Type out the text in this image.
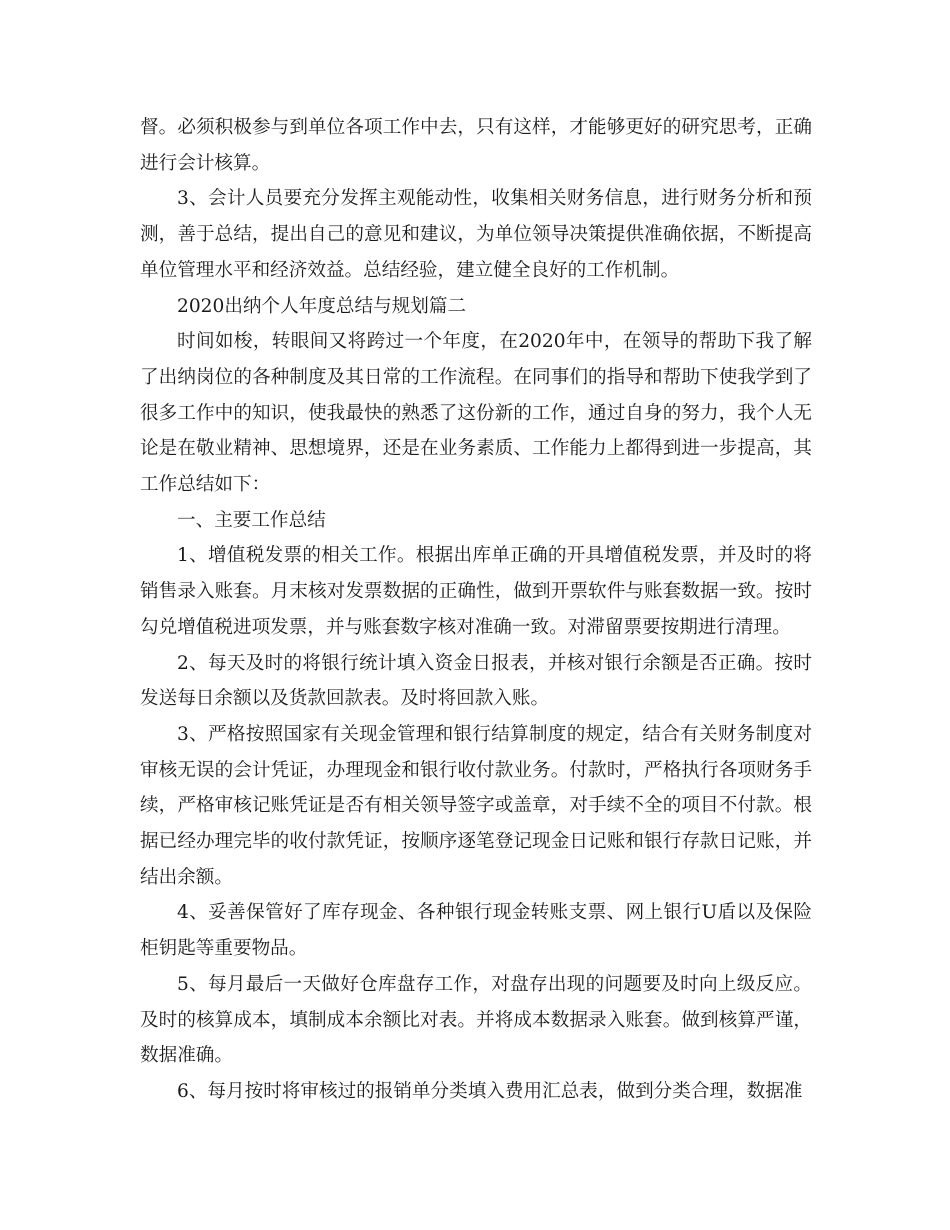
督。必须积极参与到单位各项工作中去，只有这样，才能够更好的研究思考，正确进行会计核算。

3、会计人员要充分发挥主观能动性，收集相关财务信息，进行财务分析和预测，善于总结，提出自己的意见和建议，为单位领导决策提供准确依据，不断提高单位管理水平和经济效益。总结经验，建立健全良好的工作机制。

2020出纳个人年度总结与规划篇二

时间如梭，转眼间又将跨过一个年度，在2020年中，在领导的帮助下我了解了出纳岗位的各种制度及其日常的工作流程。在同事们的指导和帮助下使我学到了很多工作中的知识，使我最快的熟悉了这份新的工作，通过自身的努力，我个人无论是在敬业精神、思想境界，还是在业务素质、工作能力上都得到进一步提高，其工作总结如下：

一、主要工作总结

1、增值税发票的相关工作。根据出库单正确的开具增值税发票，并及时的将销售录入账套。月末核对发票数据的正确性，做到开票软件与账套数据一致。按时勾兑增值税进项发票，并与账套数字核对准确一致。对滞留票要按期进行清理。

2、每天及时的将银行统计填入资金日报表，并核对银行余额是否正确。按时发送每日余额以及货款回款表。及时将回款入账。

3、严格按照国家有关现金管理和银行结算制度的规定，结合有关财务制度对审核无误的会计凭证，办理现金和银行收付款业务。付款时，严格执行各项财务手续，严格审核记账凭证是否有相关领导签字或盖章，对手续不全的项目不付款。根据已经办理完毕的收付款凭证，按顺序逐笔登记现金日记账和银行存款日记账，并结出余额。

4、妥善保管好了库存现金、各种银行现金转账支票、网上银行U盾以及保险柜钥匙等重要物品。

5、每月最后一天做好仓库盘存工作，对盘存出现的问题要及时向上级反应。及时的核算成本，填制成本余额比对表。并将成本数据录入账套。做到核算严谨，数据准确。

6、每月按时将审核过的报销单分类填入费用汇总表，做到分类合理，数据准
